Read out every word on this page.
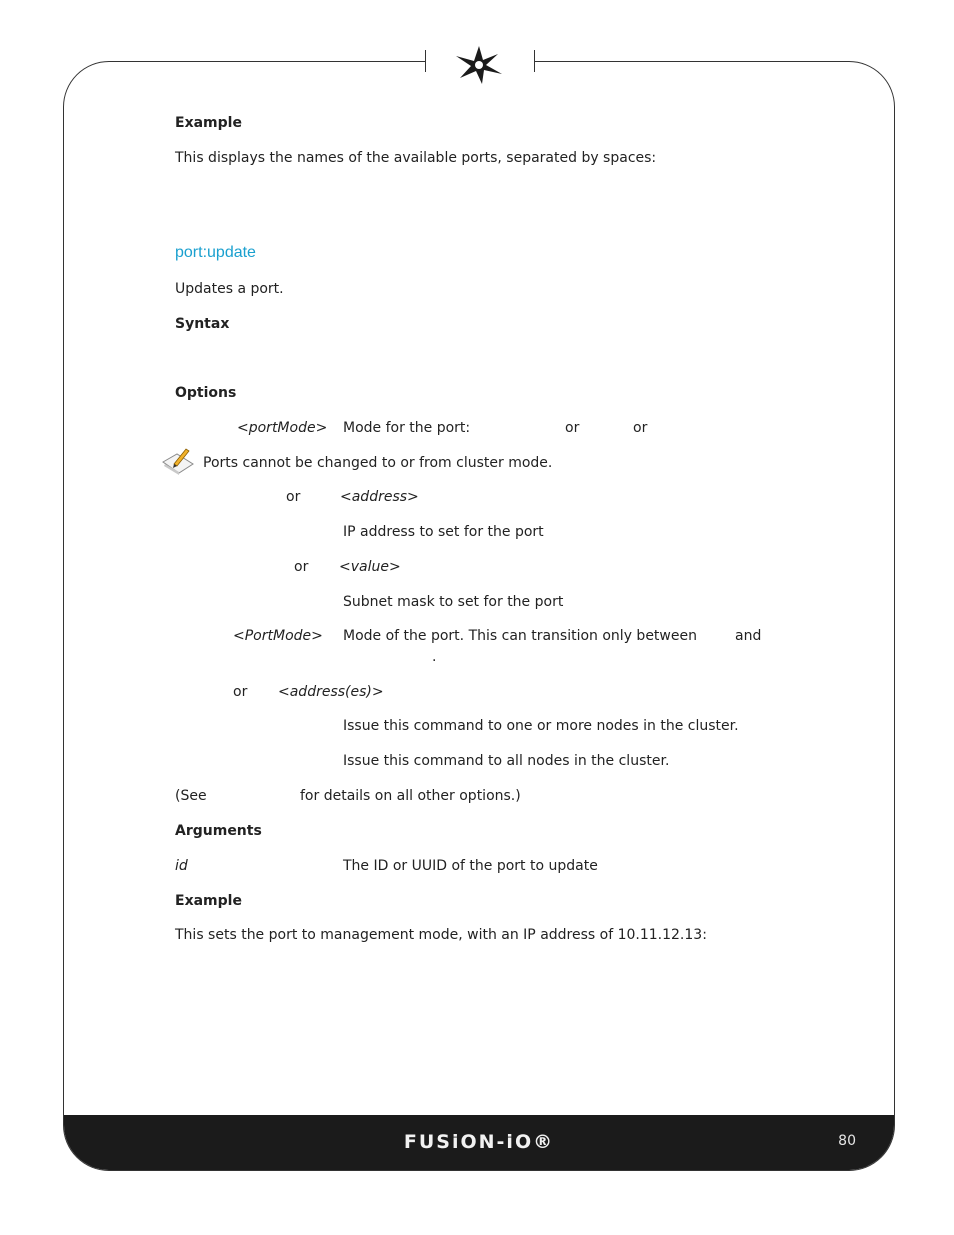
FUSiON-iO®	80
Example
This displays the names of the available ports, separated by spaces:
port:update
Updates a port.
Syntax
Options
<portMode> Mode for the port:	or	or
Ports cannot be changed to or from cluster mode.
or	<address>
IP address to set for the port
or <value>
Subnet mask to set for the port
<PortMode> Mode of the port. This can transition only between	and
.
or <address(es)>
Issue this command to one or more nodes in the cluster.
Issue this command to all nodes in the cluster.
(See	for details on all other options.)
Arguments
id	The ID or UUID of the port to update
Example
This sets the port to management mode, with an IP address of 10.11.12.13:
